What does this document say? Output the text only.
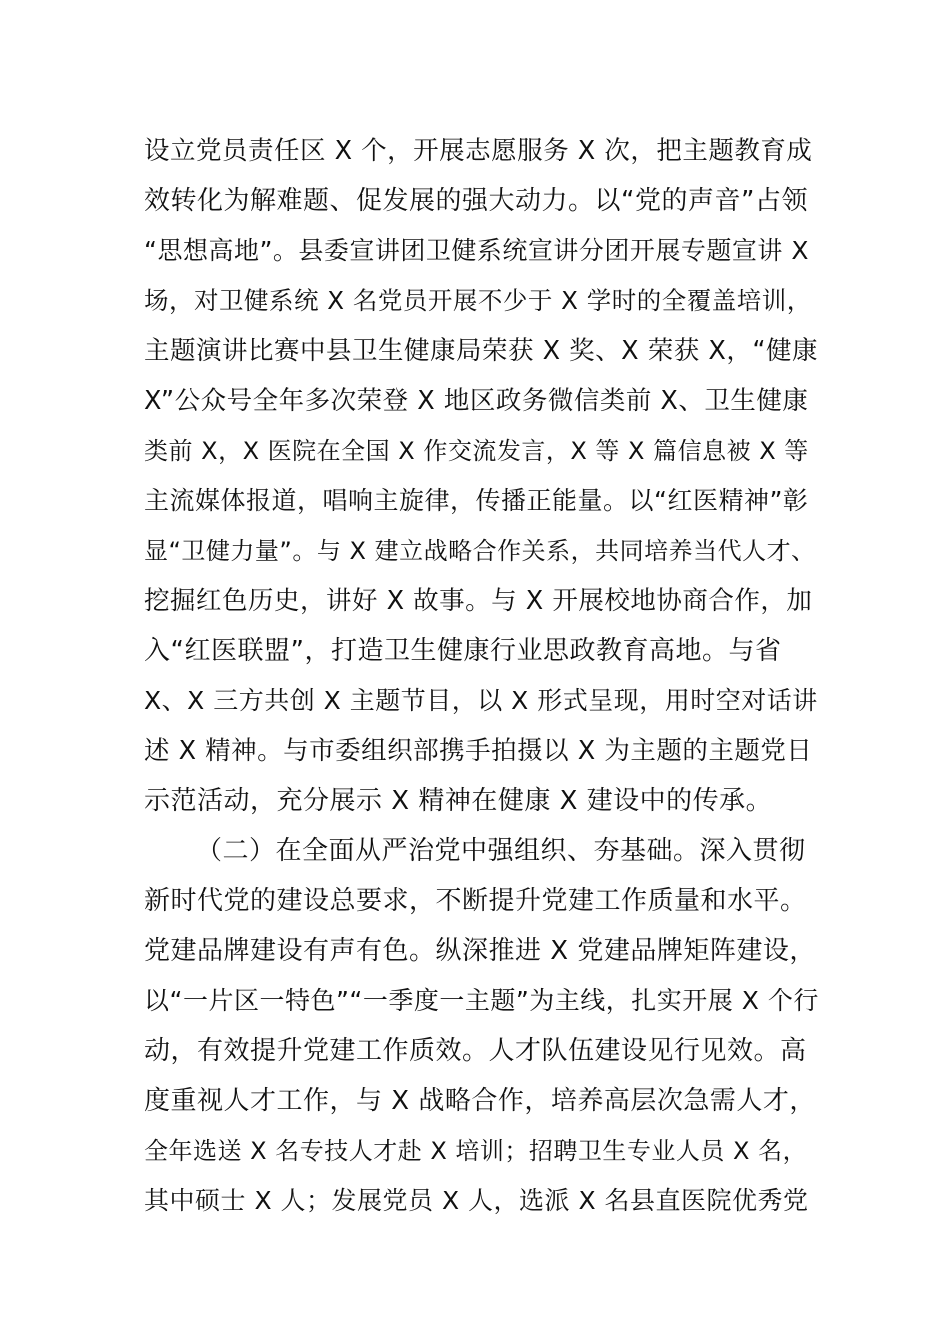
设立党员责任区 X 个，开展志愿服务 X 次，把主题教育成

效转化为解难题、促发展的强大动力。以“党的声音”占领

“思想高地”。县委宣讲团卫健系统宣讲分团开展专题宣讲 X

场，对卫健系统 X 名党员开展不少于 X 学时的全覆盖培训，

主题演讲比赛中县卫生健康局荣获 X 奖、X 荣获 X，“健康

X”公众号全年多次荣登 X 地区政务微信类前 X、卫生健康

类前 X，X 医院在全国 X 作交流发言，X 等 X 篇信息被 X 等

主流媒体报道，唱响主旋律，传播正能量。以“红医精神”彰

显“卫健力量”。与 X 建立战略合作关系，共同培养当代人才、

挖掘红色历史，讲好 X 故事。与 X 开展校地协商合作，加

入“红医联盟”，打造卫生健康行业思政教育高地。与省

X、X 三方共创 X 主题节目，以 X 形式呈现，用时空对话讲

述 X 精神。与市委组织部携手拍摄以 X 为主题的主题党日

示范活动，充分展示 X 精神在健康 X 建设中的传承。

（二）在全面从严治党中强组织、夯基础。深入贯彻

新时代党的建设总要求，不断提升党建工作质量和水平。

党建品牌建设有声有色。纵深推进 X 党建品牌矩阵建设，

以“一片区一特色”“一季度一主题”为主线，扎实开展 X 个行

动，有效提升党建工作质效。人才队伍建设见行见效。高

度重视人才工作，与 X 战略合作，培养高层次急需人才，

全年选送 X 名专技人才赴 X 培训；招聘卫生专业人员 X 名，

其中硕士 X 人；发展党员 X 人，选派 X 名县直医院优秀党
